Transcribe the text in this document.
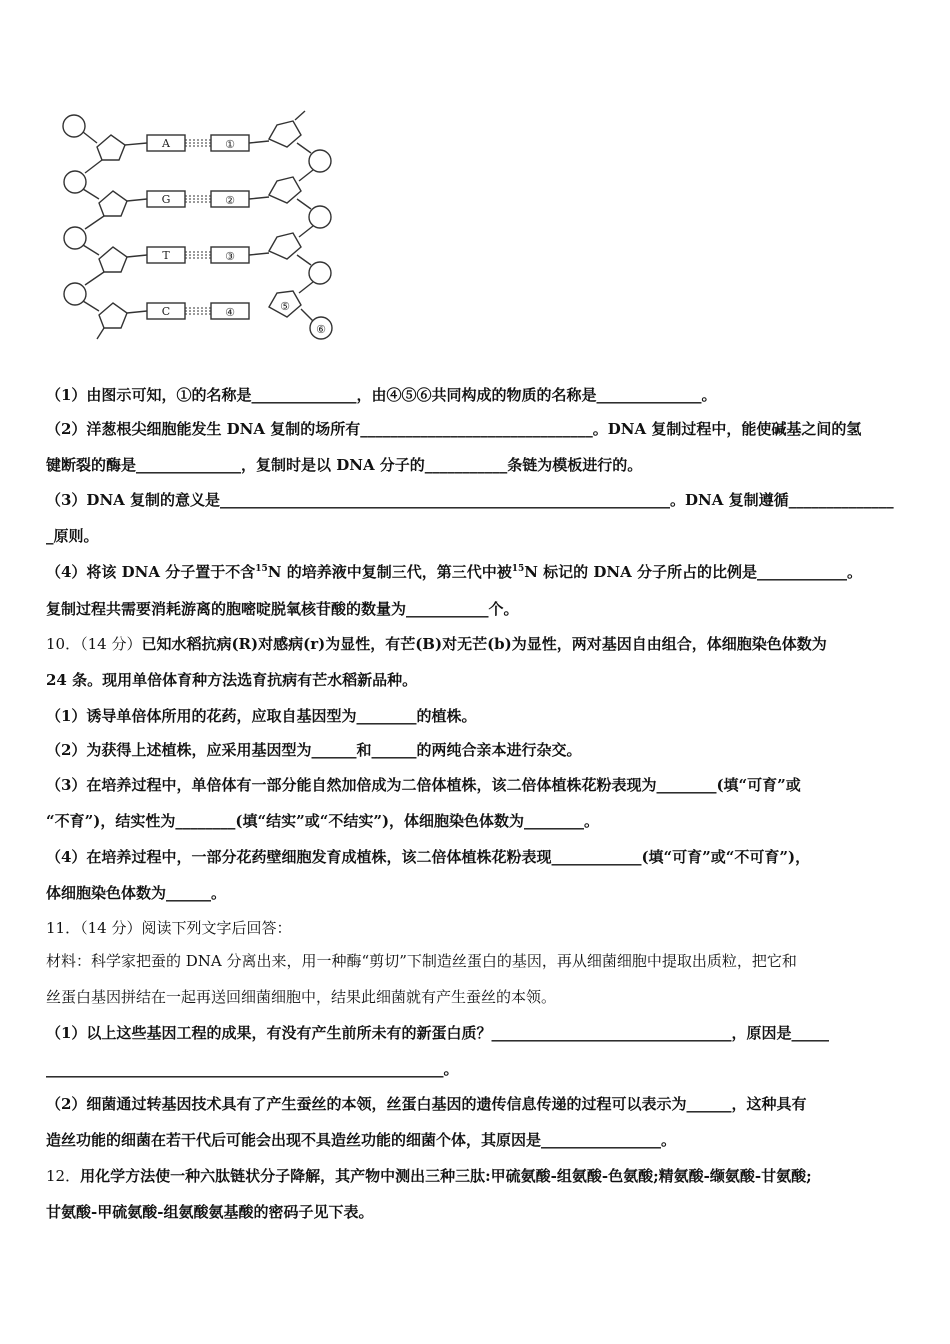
A
G
T
C
①
②
③
④	⑤
⑥
（1）由图示可知，①的名称是______________，由④⑤⑥共同构成的物质的名称是______________。
（2）洋葱根尖细胞能发生 DNA 复制的场所有_______________________________。DNA 复制过程中，能使碱基之间的氢
键断裂的酶是______________，复制时是以 DNA 分子的___________条链为模板进行的。
（3）DNA 复制的意义是____________________________________________________________。DNA 复制遵循______________
_原则。
（4）将该 DNA 分子置于不含$^{15}$N 的培养液中复制三代，第三代中被$^{15}$N 标记的 DNA 分子所占的比例是____________。
复制过程共需要消耗游离的胞嘧啶脱氧核苷酸的数量为___________个。
10．（14 分）已知水稻抗病(R)对感病(r)为显性，有芒(B)对无芒(b)为显性，两对基因自由组合，体细胞染色体数为
24 条。现用单倍体育种方法选育抗病有芒水稻新品种。
（1）诱导单倍体所用的花药，应取自基因型为________的植株。
（2）为获得上述植株，应采用基因型为______和______的两纯合亲本进行杂交。
（3）在培养过程中，单倍体有一部分能自然加倍成为二倍体植株，该二倍体植株花粉表现为________(填“可育”或
“不育”)，结实性为________(填“结实”或“不结实”)，体细胞染色体数为________。
（4）在培养过程中，一部分花药壁细胞发育成植株，该二倍体植株花粉表现____________(填“可育”或“不可育”)，
体细胞染色体数为______。
11．（14 分）阅读下列文字后回答：
材料：科学家把蚕的 DNA 分离出来，用一种酶“剪切”下制造丝蛋白的基因，再从细菌细胞中提取出质粒，把它和
丝蛋白基因拼结在一起再送回细菌细胞中，结果此细菌就有产生蚕丝的本领。
（1）以上这些基因工程的成果，有没有产生前所未有的新蛋白质？________________________________，原因是_____
_____________________________________________________。
（2）细菌通过转基因技术具有了产生蚕丝的本领，丝蛋白基因的遗传信息传递的过程可以表示为______，这种具有
造丝功能的细菌在若干代后可能会出现不具造丝功能的细菌个体，其原因是________________。
12．用化学方法使一种六肽链状分子降解，其产物中测出三种三肽:甲硫氨酸-组氨酸-色氨酸;精氨酸-缬氨酸-甘氨酸;
甘氨酸-甲硫氨酸-组氨酸氨基酸的密码子见下表。
